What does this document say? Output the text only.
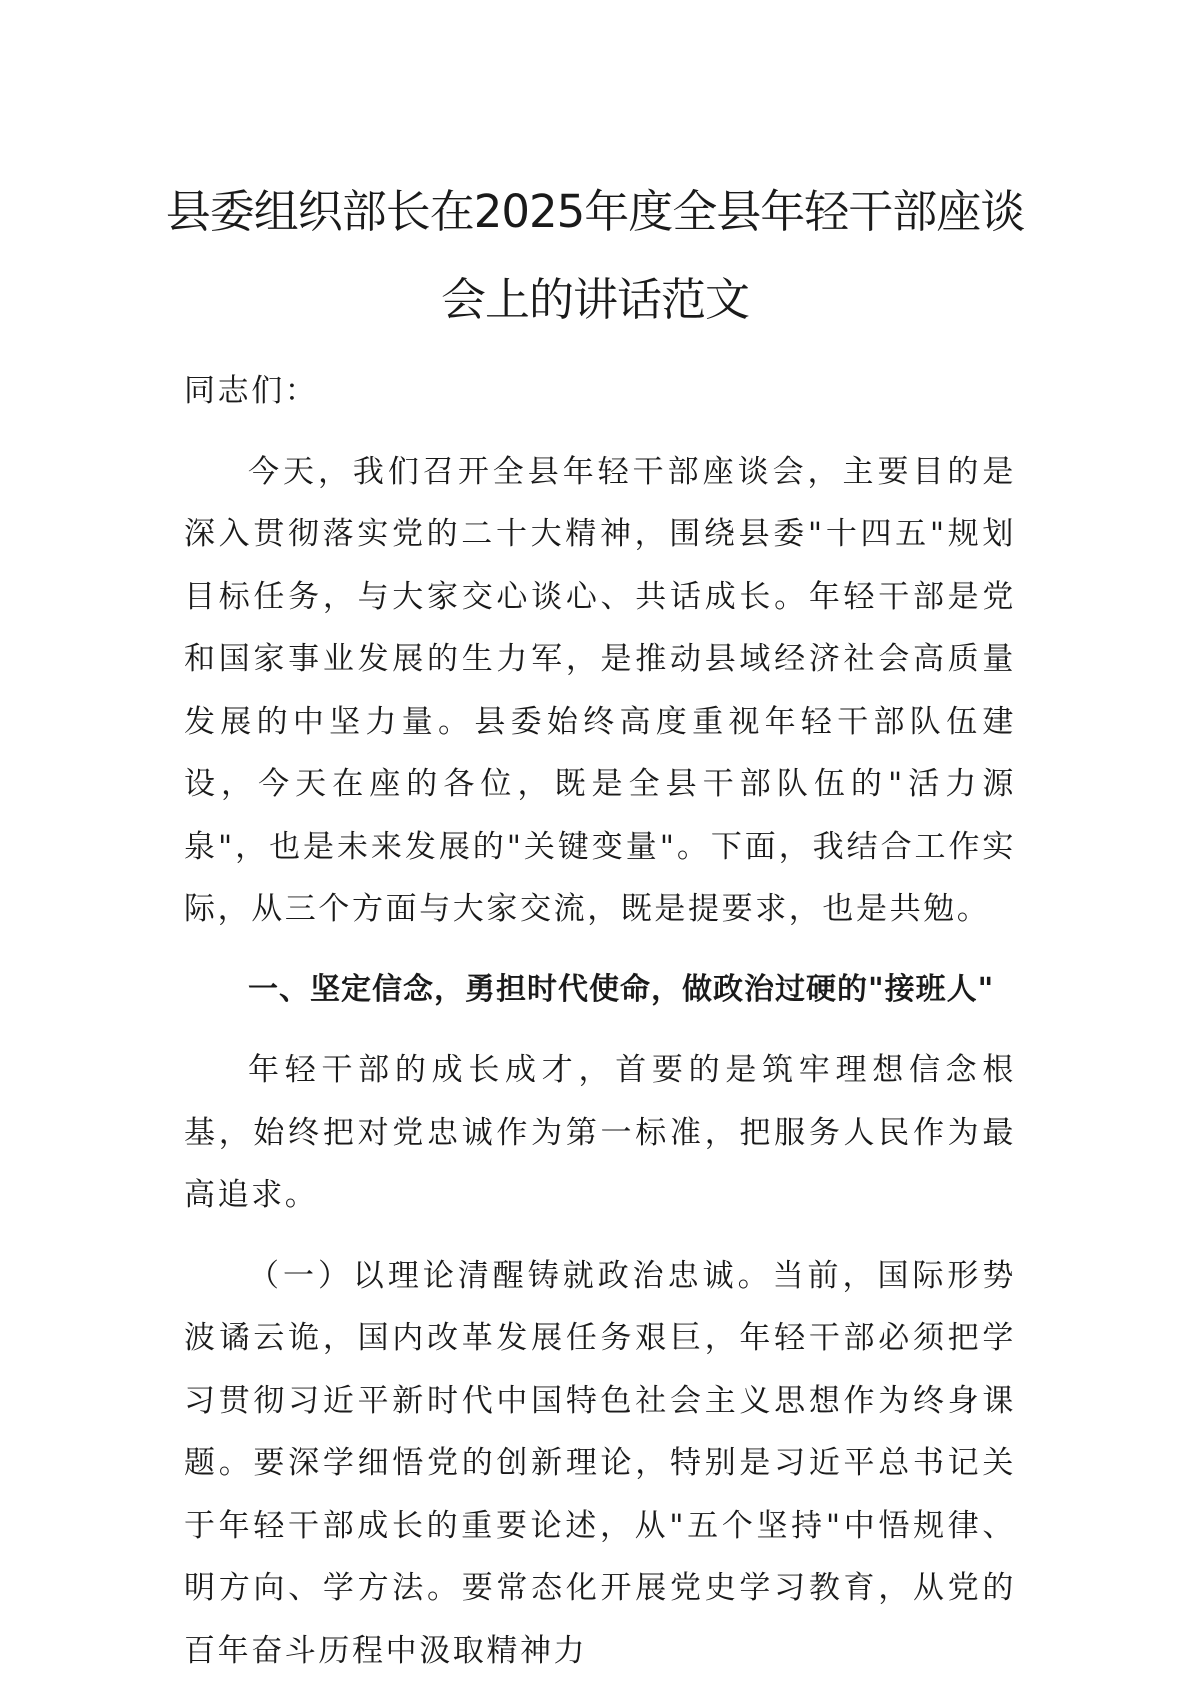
县委组织部长在2025年度全县年轻干部座谈
会上的讲话范文

同志们：

今天，我们召开全县年轻干部座谈会，主要目的是深入贯彻落实党的二十大精神，围绕县委"十四五"规划目标任务，与大家交心谈心、共话成长。年轻干部是党和国家事业发展的生力军，是推动县域经济社会高质量发展的中坚力量。县委始终高度重视年轻干部队伍建设，今天在座的各位，既是全县干部队伍的"活力源泉"，也是未来发展的"关键变量"。下面，我结合工作实际，从三个方面与大家交流，既是提要求，也是共勉。

一、坚定信念，勇担时代使命，做政治过硬的"接班人"

年轻干部的成长成才，首要的是筑牢理想信念根基，始终把对党忠诚作为第一标准，把服务人民作为最高追求。

（一）以理论清醒铸就政治忠诚。当前，国际形势波谲云诡，国内改革发展任务艰巨，年轻干部必须把学习贯彻习近平新时代中国特色社会主义思想作为终身课题。要深学细悟党的创新理论，特别是习近平总书记关于年轻干部成长的重要论述，从"五个坚持"中悟规律、明方向、学方法。要常态化开展党史学习教育，从党的百年奋斗历程中汲取精神力
